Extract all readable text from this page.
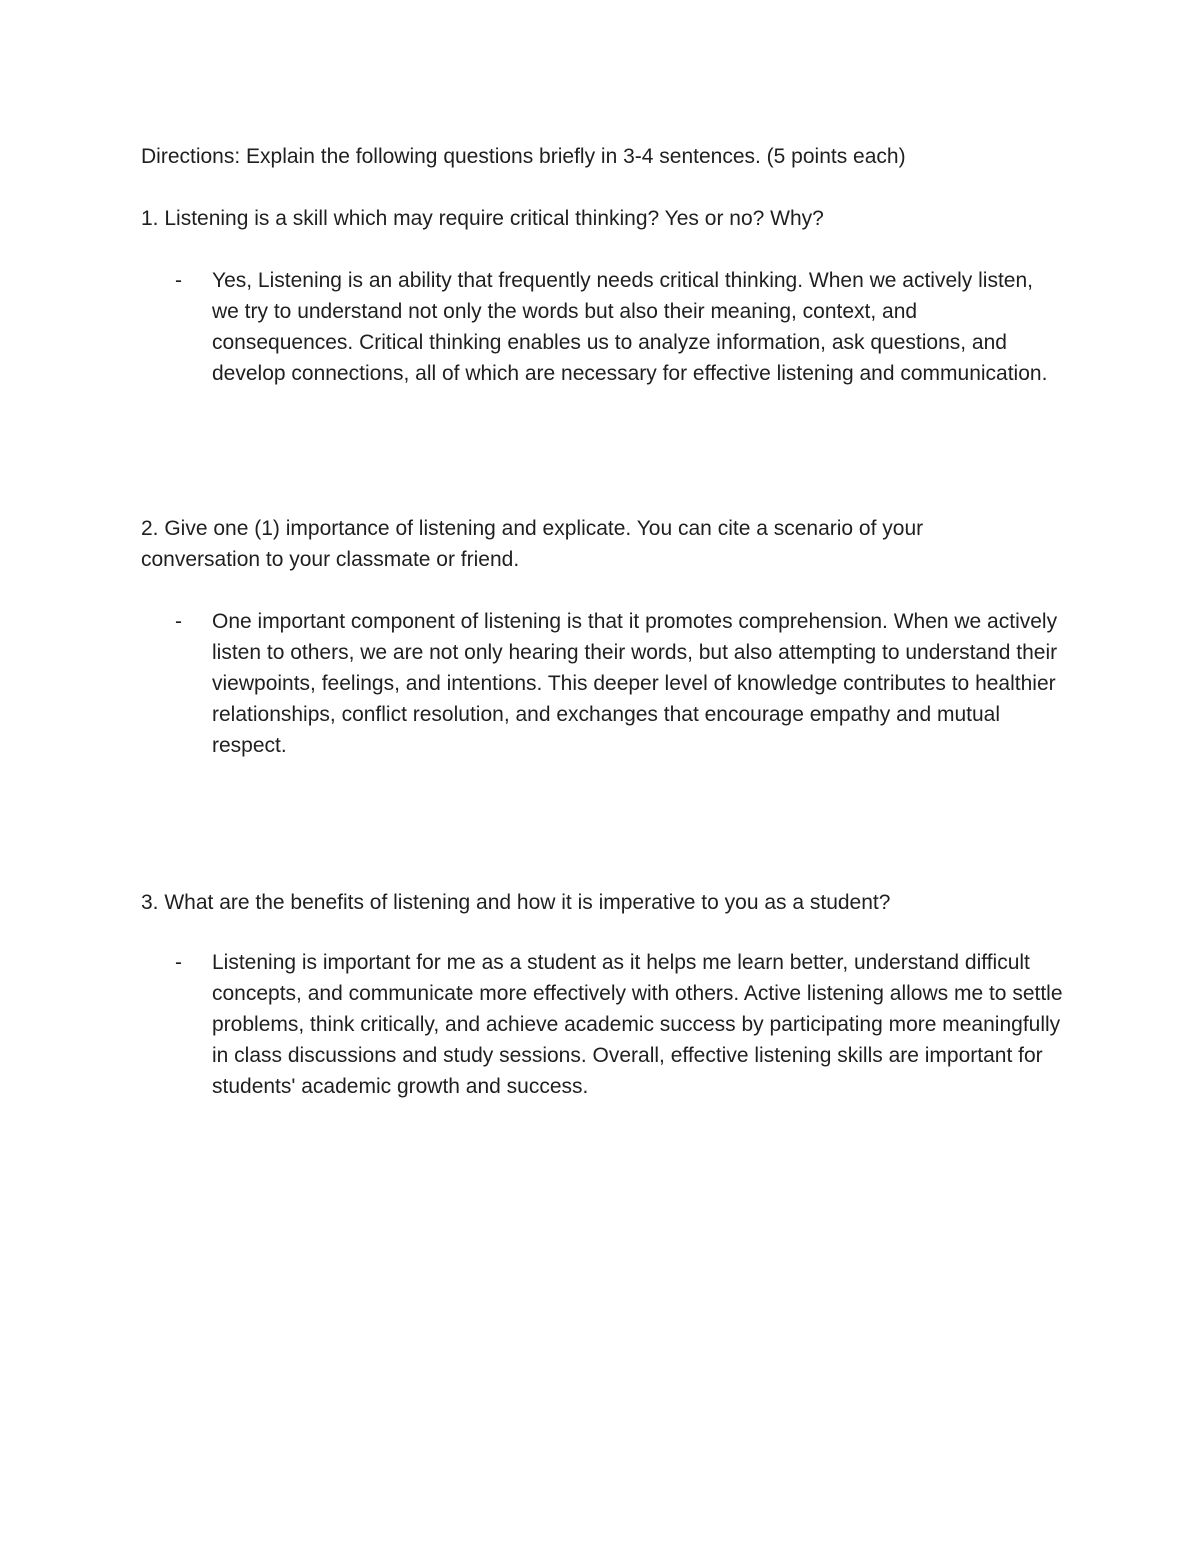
Directions: Explain the following questions briefly in 3-4 sentences. (5 points each)

1. Listening is a skill which may require critical thinking? Yes or no? Why?

- Yes, Listening is an ability that frequently needs critical thinking. When we actively listen, we try to understand not only the words but also their meaning, context, and consequences. Critical thinking enables us to analyze information, ask questions, and develop connections, all of which are necessary for effective listening and communication.

2. Give one (1) importance of listening and explicate. You can cite a scenario of your conversation to your classmate or friend.

- One important component of listening is that it promotes comprehension. When we actively listen to others, we are not only hearing their words, but also attempting to understand their viewpoints, feelings, and intentions. This deeper level of knowledge contributes to healthier relationships, conflict resolution, and exchanges that encourage empathy and mutual respect.

3. What are the benefits of listening and how it is imperative to you as a student?

- Listening is important for me as a student as it helps me learn better, understand difficult concepts, and communicate more effectively with others. Active listening allows me to settle problems, think critically, and achieve academic success by participating more meaningfully in class discussions and study sessions. Overall, effective listening skills are important for students' academic growth and success.
